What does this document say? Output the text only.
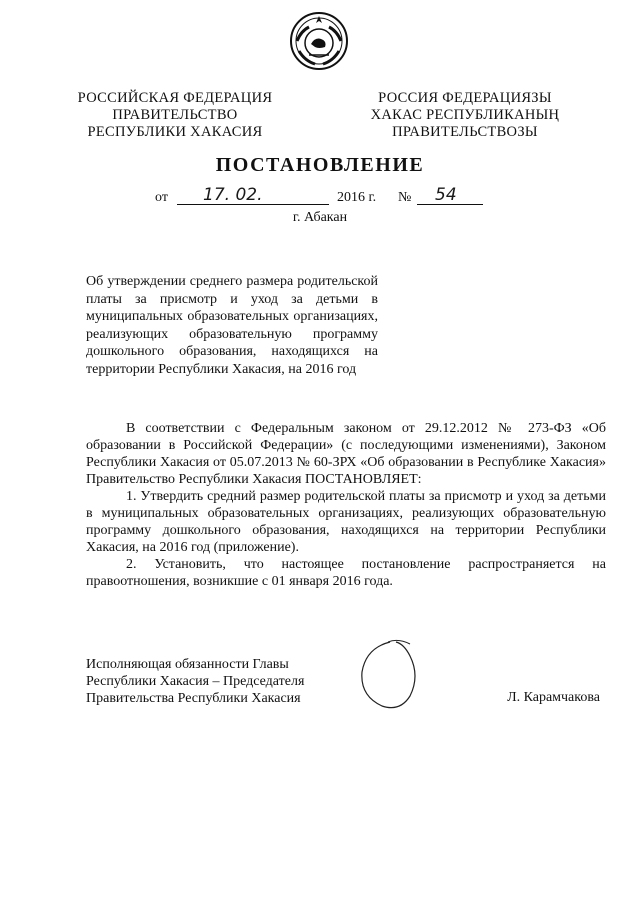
РОССИЙСКАЯ ФЕДЕРАЦИЯ
ПРАВИТЕЛЬСТВО
РЕСПУБЛИКИ ХАКАСИЯ
РОССИЯ ФЕДЕРАЦИЯЗЫ
ХАКАС РЕСПУБЛИКАНЫҢ
ПРАВИТЕЛЬСТВОЗЫ
ПОСТАНОВЛЕНИЕ
от 17. 02.	2016 г. № 54
г. Абакан
Об утверждении среднего размера родительской платы за присмотр и уход за детьми в муниципальных образовательных организациях, реализующих образовательную программу дошкольного образования, находящихся на территории Республики Хакасия, на 2016 год

В соответствии с Федеральным законом от 29.12.2012 № 273-ФЗ «Об образовании в Российской Федерации» (с последующими изменениями), Законом Республики Хакасия от 05.07.2013 № 60-ЗРХ «Об образовании в Республике Хакасия» Правительство Республики Хакасия ПОСТАНОВЛЯЕТ:

1. Утвердить средний размер родительской платы за присмотр и уход за детьми в муниципальных образовательных организациях, реализующих образовательную программу дошкольного образования, находящихся на территории Республики Хакасия, на 2016 год (приложение).

2. Установить, что настоящее постановление распространяется на правоотношения, возникшие с 01 января 2016 года.

Исполняющая обязанности Главы
Республики Хакасия – Председателя
Правительства Республики Хакасия	Л. Карамчакова
